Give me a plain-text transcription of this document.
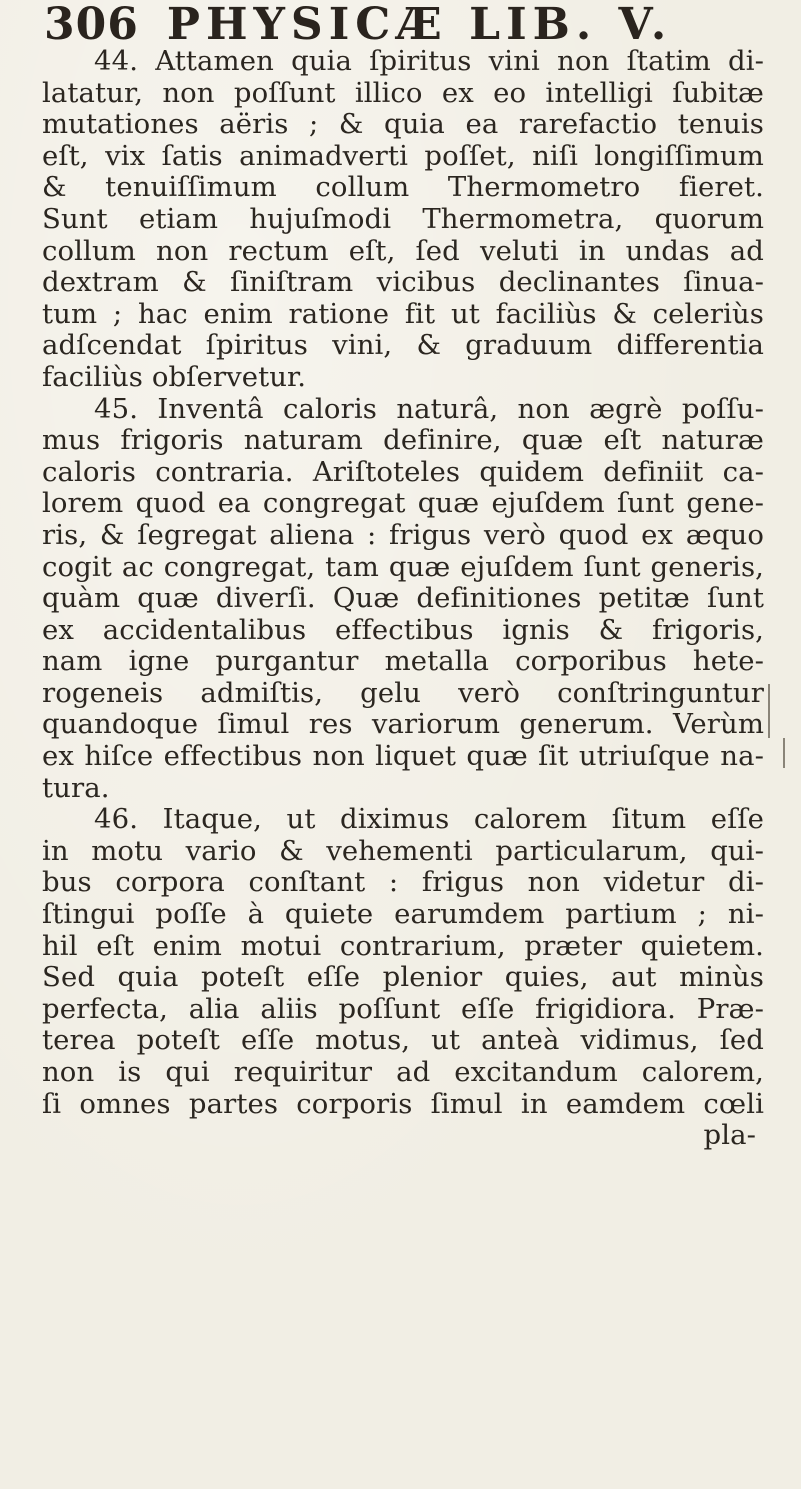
306 PHYSICÆ LIB. V.
44. Attamen quia ſpiritus vini non ſtatim di-
latatur, non poſſunt illico ex eo intelligi ſubitæ
mutationes aëris ; & quia ea rarefactio tenuis
eſt, vix ſatis animadverti poſſet, niſi longiſſimum
& tenuiſſimum collum Thermometro fieret.
Sunt etiam hujuſmodi Thermometra, quorum
collum non rectum eſt, ſed veluti in undas ad
dextram & ſiniſtram vicibus declinantes ſinua-
tum ; hac enim ratione fit ut faciliùs & celeriùs
adſcendat ſpiritus vini, & graduum differentia
faciliùs obſervetur.
45. Inventâ caloris naturâ, non ægrè poſſu-
mus frigoris naturam definire, quæ eſt naturæ
caloris contraria. Ariſtoteles quidem definiit ca-
lorem quod ea congregat quæ ejuſdem ſunt gene-
ris, & ſegregat aliena : frigus verò quod ex æquo
cogit ac congregat, tam quæ ejuſdem ſunt generis,
quàm quæ diverſi. Quæ definitiones petitæ ſunt
ex accidentalibus effectibus ignis & frigoris,
nam igne purgantur metalla corporibus hete-
rogeneis admiſtis, gelu verò conſtringuntur
quandoque ſimul res variorum generum. Verùm
ex hiſce effectibus non liquet quæ ſit utriuſque na-
tura.
46. Itaque, ut diximus calorem ſitum eſſe
in motu vario & vehementi particularum, qui-
bus corpora conſtant : frigus non videtur di-
ſtingui poſſe à quiete earumdem partium ; ni-
hil eſt enim motui contrarium, præter quietem.
Sed quia poteſt eſſe plenior quies, aut minùs
perfecta, alia aliis poſſunt eſſe frigidiora. Præ-
terea poteſt eſſe motus, ut anteà vidimus, ſed
non is qui requiritur ad excitandum calorem,
ſi omnes partes corporis ſimul in eamdem cœli
pla-
